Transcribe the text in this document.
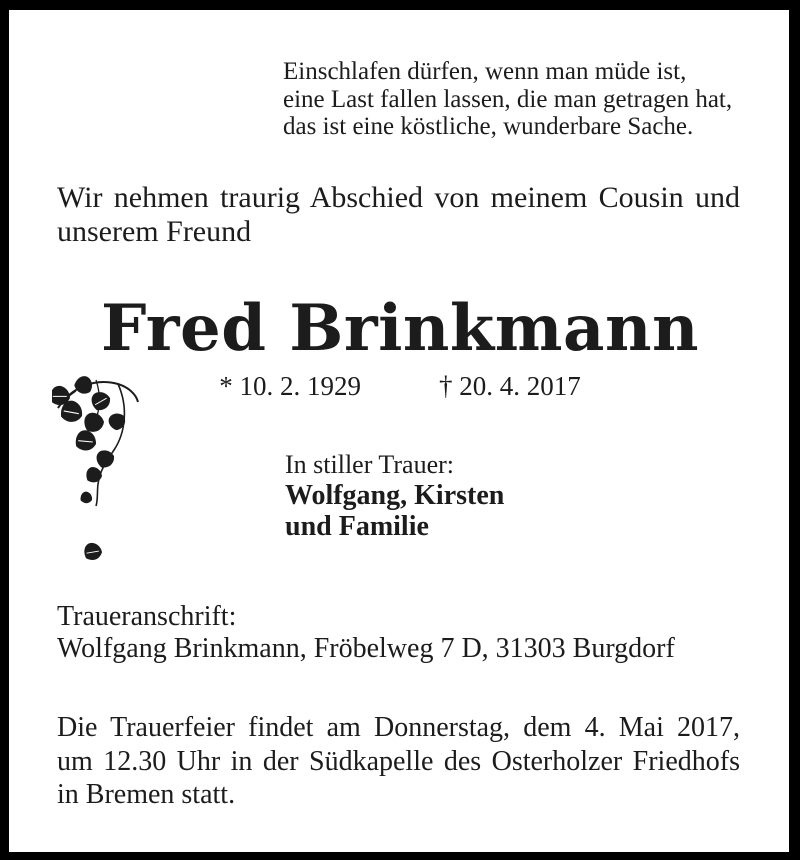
Einschlafen dürfen, wenn man müde ist,
eine Last fallen lassen, die man getragen hat,
das ist eine köstliche, wunderbare Sache.
Wir nehmen traurig Abschied von meinem Cousin und
unserem Freund
Fred Brinkmann
* 10. 2. 1929	† 20. 4. 2017
In stiller Trauer:
Wolfgang, Kirsten
und Familie
Traueranschrift:
Wolfgang Brinkmann, Fröbelweg 7 D, 31303 Burgdorf
Die Trauerfeier findet am Donnerstag, dem 4. Mai 2017,
um 12.30 Uhr in der Südkapelle des Osterholzer Friedhofs
in Bremen statt.
